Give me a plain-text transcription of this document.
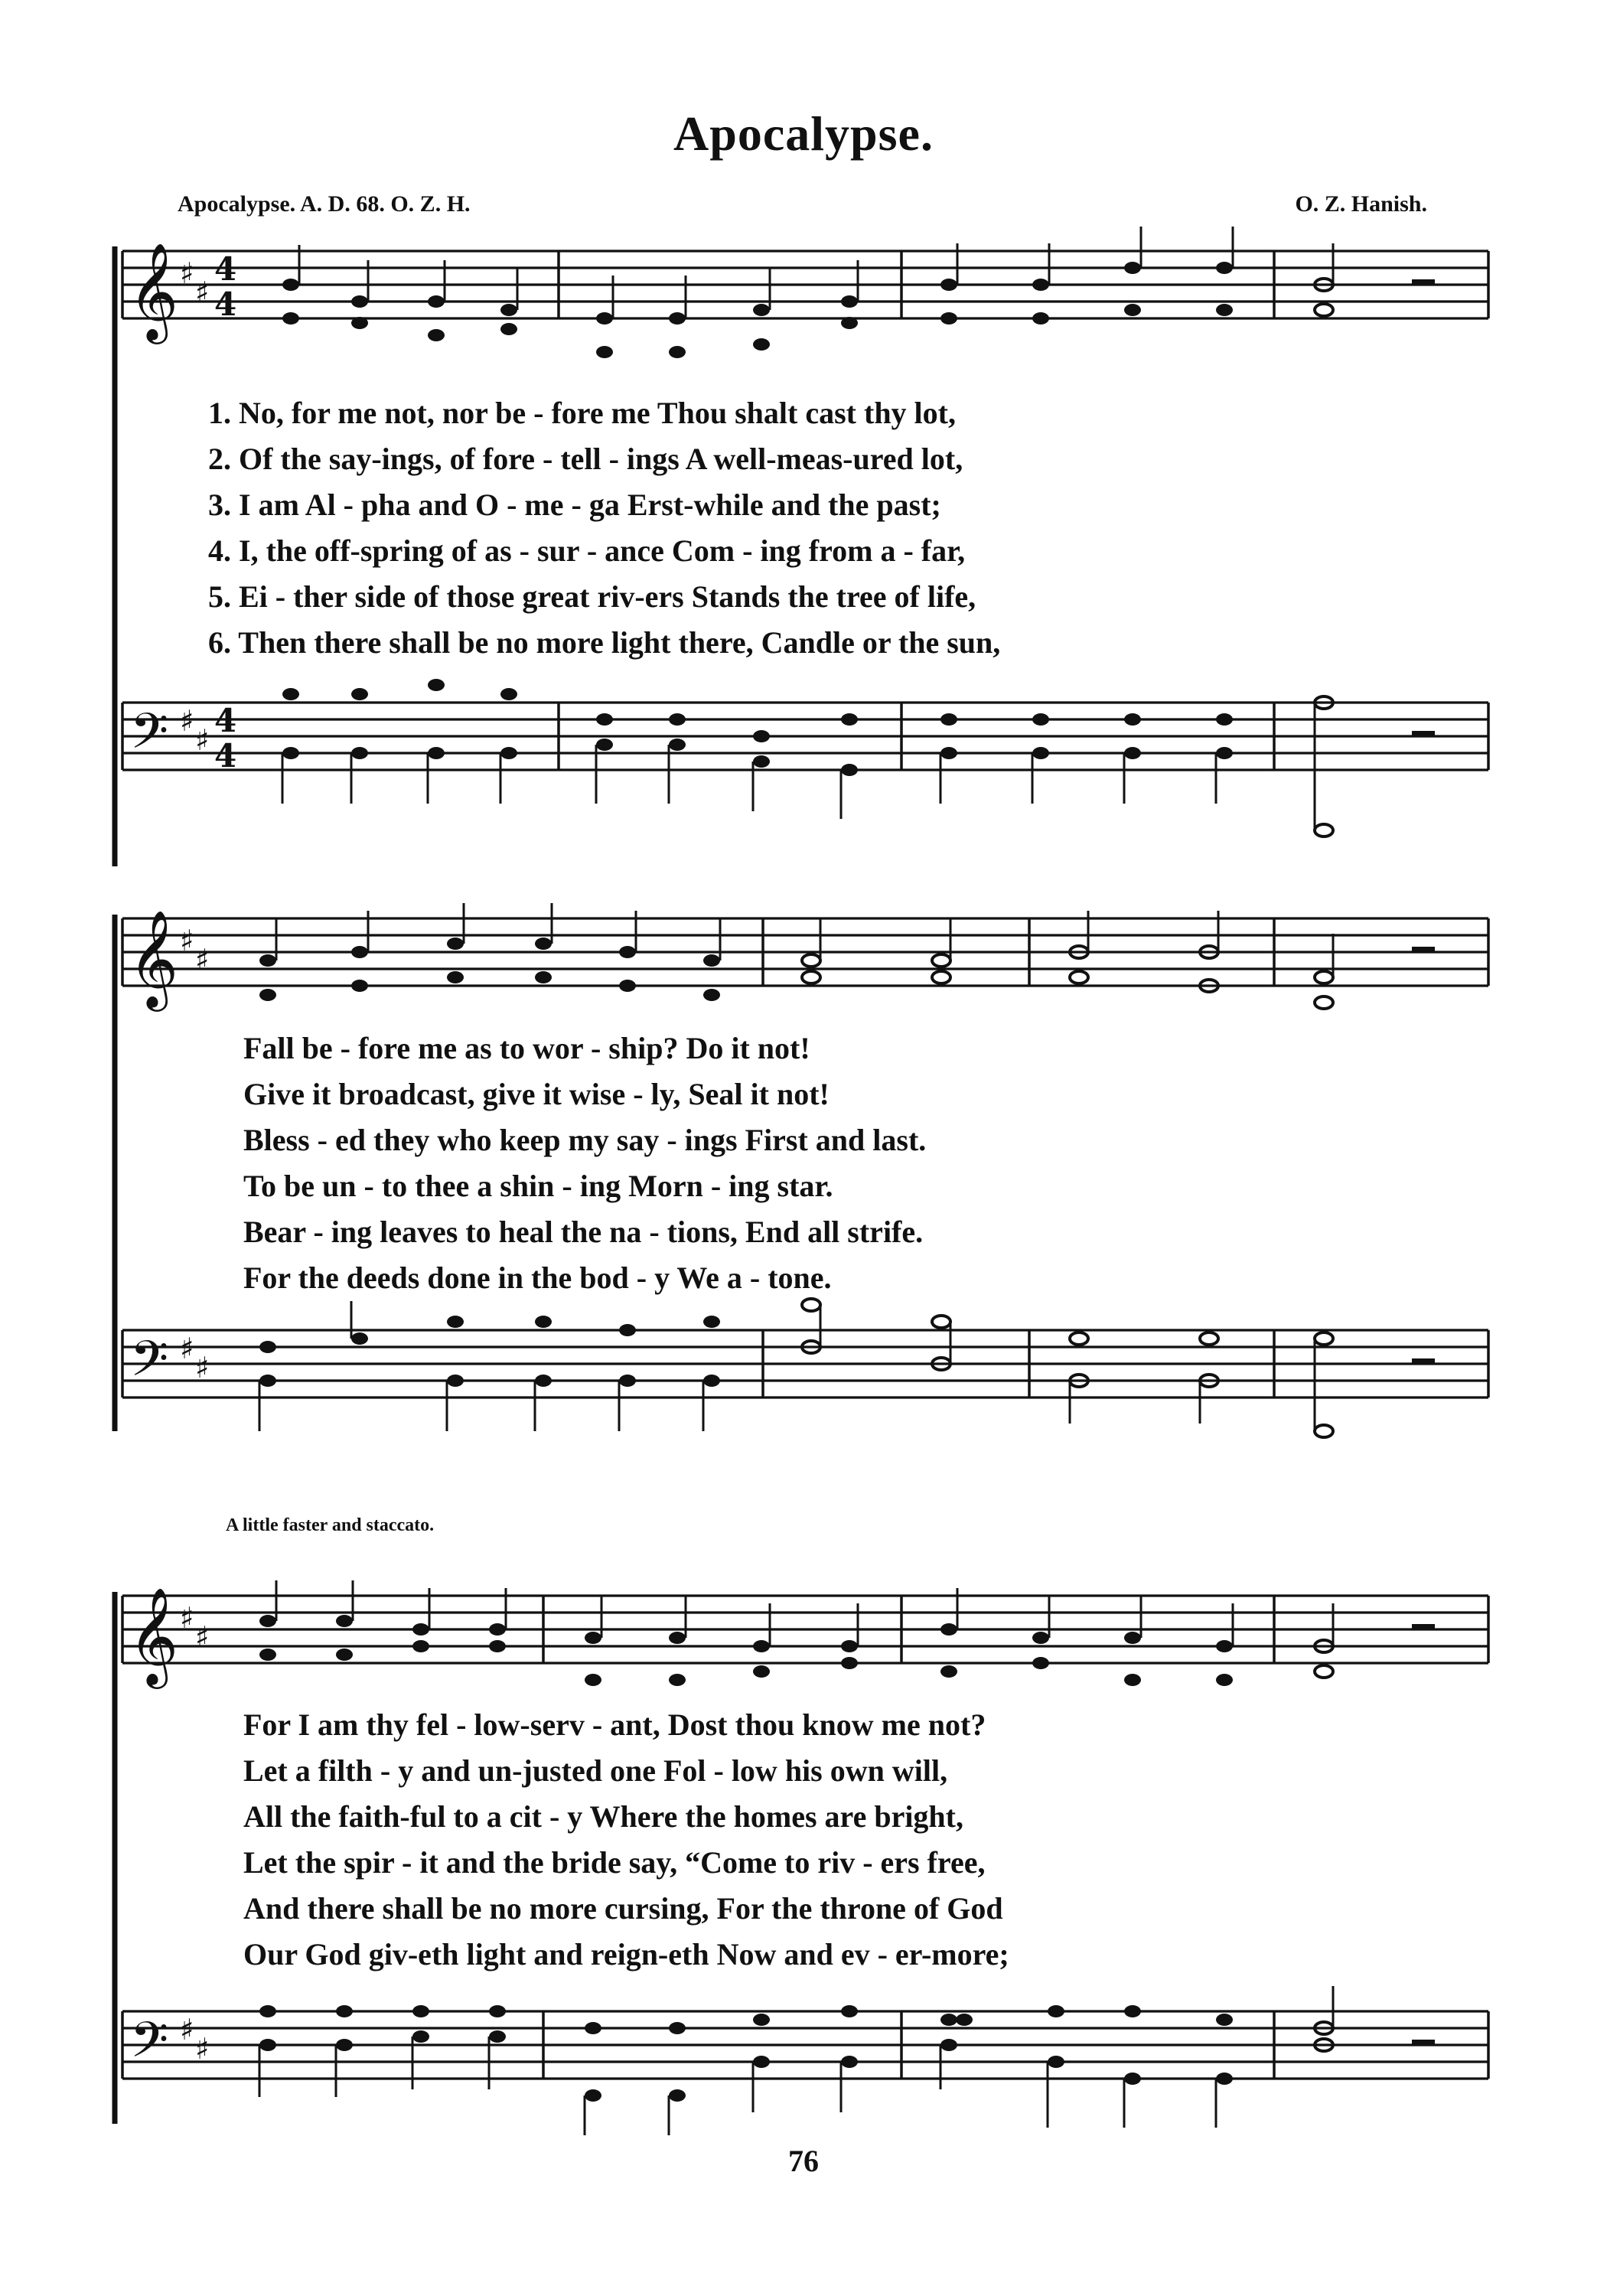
Apocalypse.
Apocalypse. A. D. 68. O. Z. H.	O. Z. Hanish.
A little faster and staccato.
𝄞 ♯
♯
4
4
𝄢 ♯
♯
4
4
1. No, for me not, nor be - fore me Thou shalt cast thy lot,
2. Of the say-ings, of fore - tell - ings A well-meas-ured lot,
3. I am Al - pha and O - me - ga Erst-while and the past;
4. I, the off-spring of as - sur - ance Com - ing from a - far,
5. Ei - ther side of those great riv-ers Stands the tree of life,
6. Then there shall be no more light there, Candle or the sun,
𝄞 ♯
♯
𝄢 ♯
♯
Fall be - fore me as to wor - ship? Do it not!
Give it broadcast, give it wise - ly, Seal it not!
Bless - ed they who keep my say - ings First and last.
To be un - to thee a shin - ing Morn - ing star.
Bear - ing leaves to heal the na - tions, End all strife.
For the deeds done in the bod - y We a - tone.
𝄞 ♯
♯
𝄢 ♯
♯
For I am thy fel - low-serv - ant, Dost thou know me not?
Let a filth - y and un-justed one Fol - low his own will,
All the faith-ful to a cit - y Where the homes are bright,
Let the spir - it and the bride say, “Come to riv - ers free,
And there shall be no more cursing, For the throne of God
Our God giv-eth light and reign-eth Now and ev - er-more;
76
